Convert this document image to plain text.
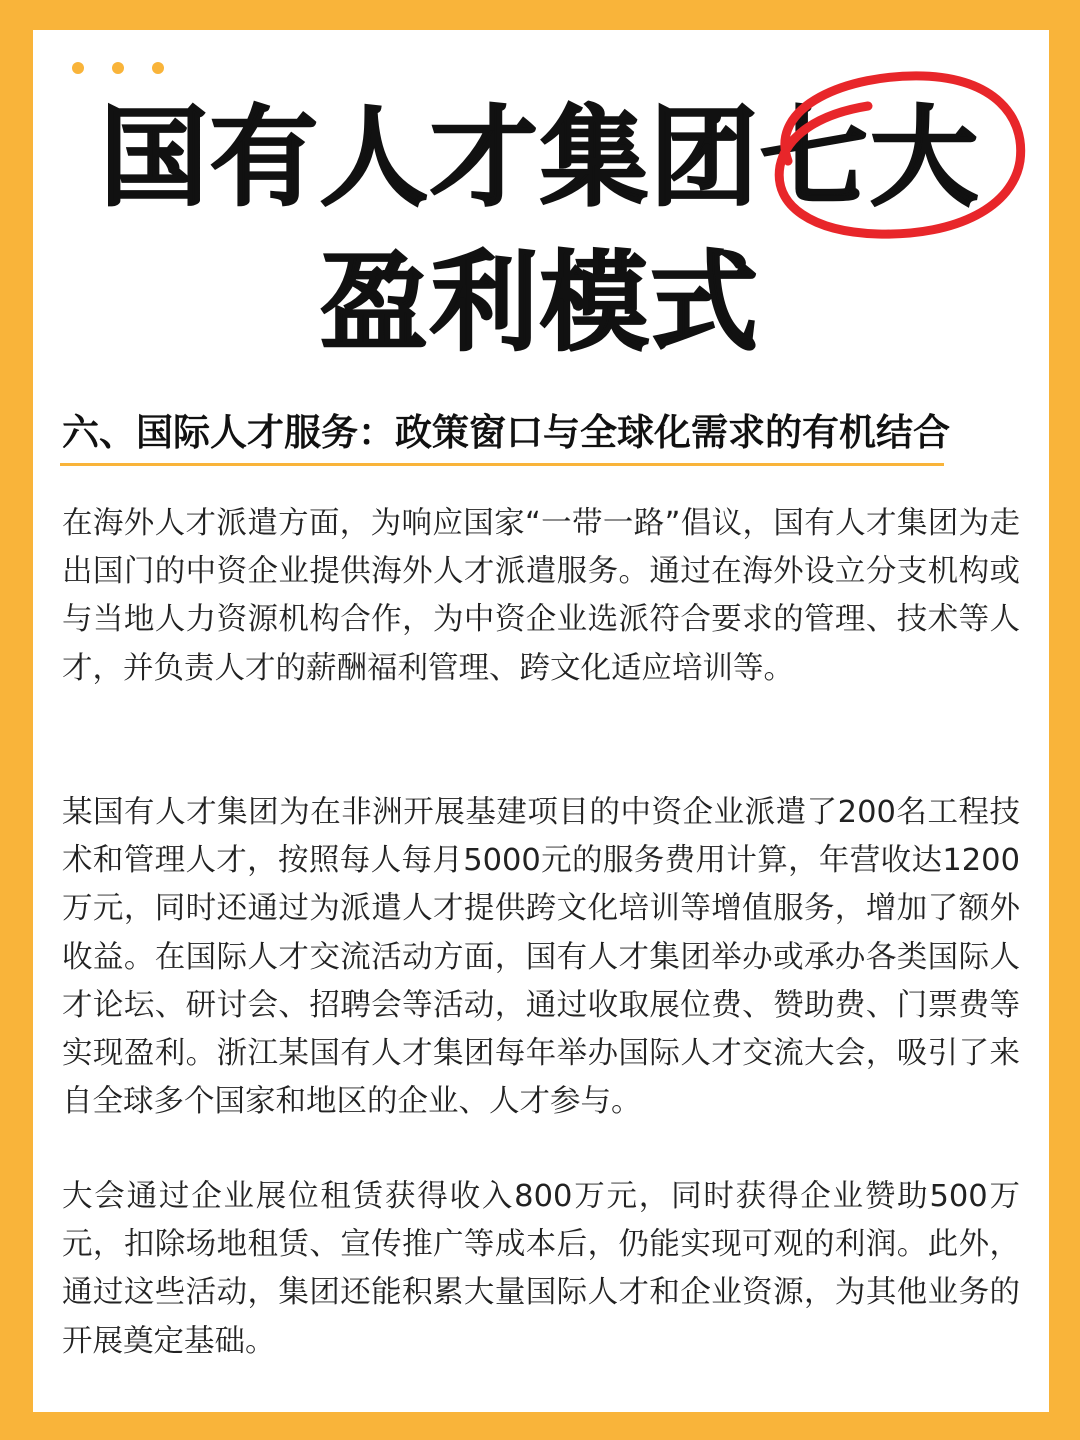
国有人才集团七大
盈利模式
六、国际人才服务：政策窗口与全球化需求的有机结合
在海外人才派遣方面，为响应国家“一带一路”倡议，国有人才集团为走出国门的中资企业提供海外人才派遣服务。通过在海外设立分支机构或与当地人力资源机构合作，为中资企业选派符合要求的管理、技术等人才，并负责人才的薪酬福利管理、跨文化适应培训等。
某国有人才集团为在非洲开展基建项目的中资企业派遣了200名工程技术和管理人才，按照每人每月5000元的服务费用计算，年营收达1200万元，同时还通过为派遣人才提供跨文化培训等增值服务，增加了额外收益。在国际人才交流活动方面，国有人才集团举办或承办各类国际人才论坛、研讨会、招聘会等活动，通过收取展位费、赞助费、门票费等实现盈利。浙江某国有人才集团每年举办国际人才交流大会，吸引了来自全球多个国家和地区的企业、人才参与。
大会通过企业展位租赁获得收入800万元，同时获得企业赞助500万元，扣除场地租赁、宣传推广等成本后，仍能实现可观的利润。此外，通过这些活动，集团还能积累大量国际人才和企业资源，为其他业务的开展奠定基础。
